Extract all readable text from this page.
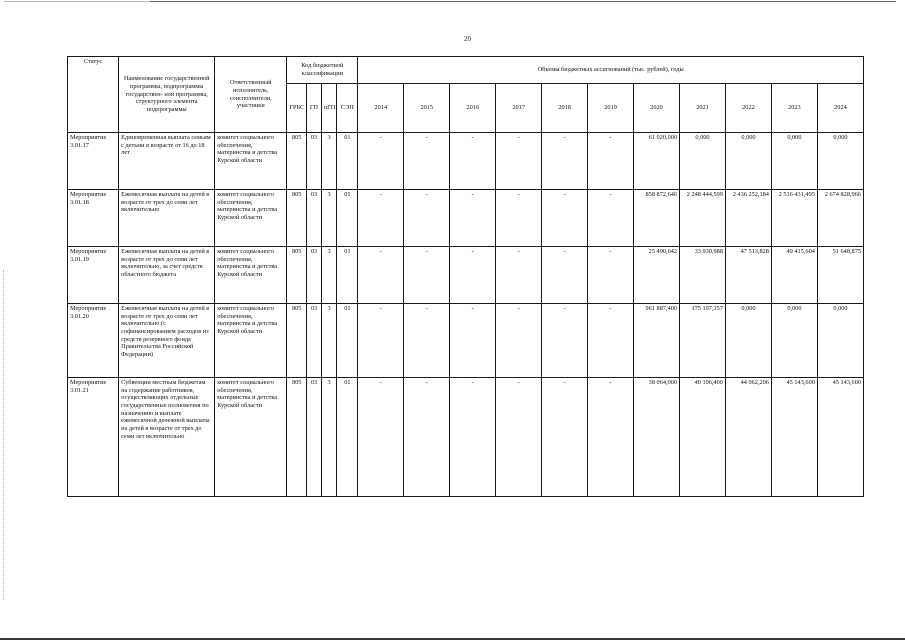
20
Статус	Наименование государственной программы, подпрограммы государствен- ной программы, структурного элемента подпрограммы	Ответственный исполнитель, соисполнители, участники	Код бюджетной классификации				Объемы бюджетных ассигнований (тыс. рублей), годы										
			ГРБС	ГП	пГП	СЭП	2014	2015	2016	2017	2018	2019	2020	2021	2022	2023	2024
Мероприятие 3.01.17	Единовременная выплата семьям с детьми в возрасте от 16 до 18 лет	комитет социального обеспечения, материнства и детства Курской области	805	03	3	01	-	-	-	-	-	-	61 020,000	0,000	0,000	0,000	0,000
Мероприятие 3.01.18	Ежемесячная выплата на детей в возрасте от трех до семи лет включительно	комитет социального обеспечения, материнства и детства Курской области	805	03	3	01	-	-	-	-	-	-	858 872,646	2 248 444,599	2 436 252,184	2 516 431,495	2 674 828,966
Мероприятие 3.01.19	Ежемесячная выплата на детей в возрасте от трех до семи лет включительно, за счет средств областного бюджета	комитет социального обеспечения, материнства и детства Курской области	805	03	3	01	-	-	-	-	-	-	25 490,642	33 930,988	47 513,828	49 415,604	51 648,875
Мероприятие 3.01.20	Ежемесячная выплата на детей в возрасте от трех до семи лет включительно (с софинансированием расходов из средств резервного фонда Правительства Российской Федерации)	комитет социального обеспечения, материнства и детства Курской области	805	03	3	01	-	-	-	-	-	-	961 887,400	175 197,357	0,000	0,000	0,000
Мероприятие 3.01.21	Субвенции местным бюджетам на содержание работников, осуществляющих отдельные государственные полномочия по назначению и выплате ежемесячной денежной выплаты на детей в возрасте от трех до семи лет включительно	комитет социального обеспечения, материнства и детства Курской области	805	03	3	01	-	-	-	-	-	-	38 064,000	40 196,400	44 962,206	45 143,600	45 143,600
